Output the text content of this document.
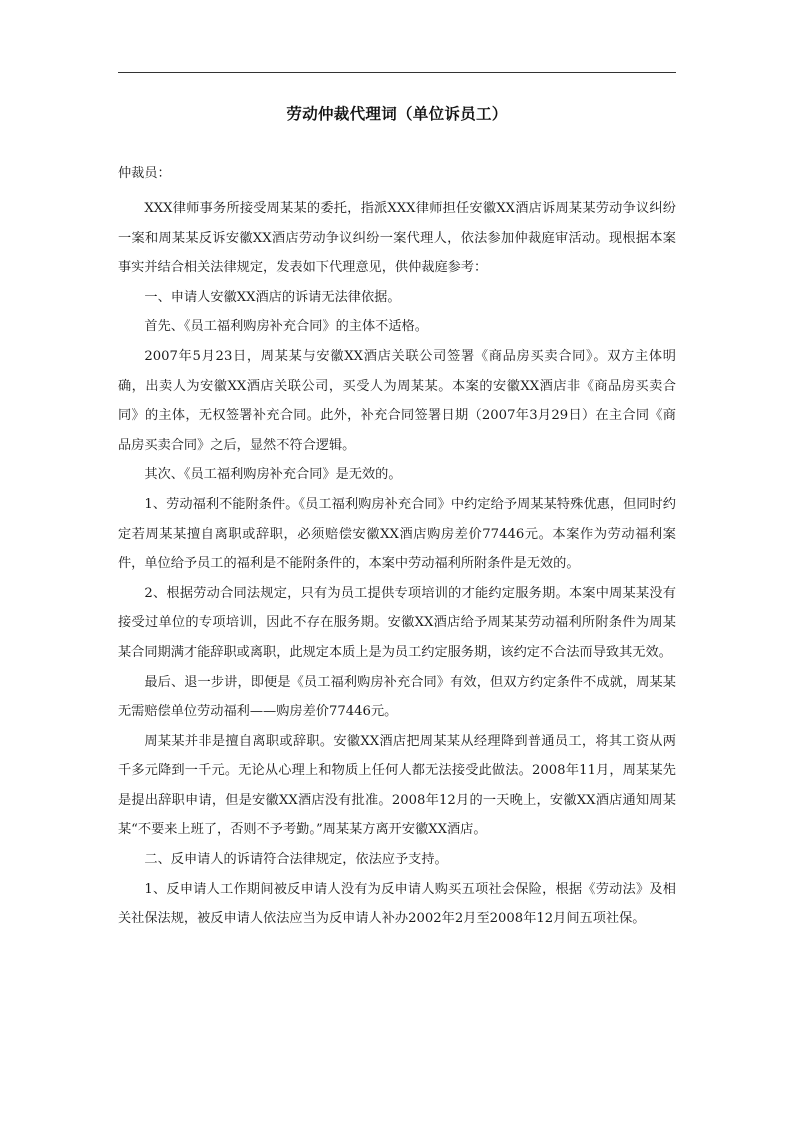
劳动仲裁代理词（单位诉员工）
仲裁员：

XXX律师事务所接受周某某的委托，指派XXX律师担任安徽XX酒店诉周某某劳动争议纠纷一案和周某某反诉安徽XX酒店劳动争议纠纷一案代理人，依法参加仲裁庭审活动。现根据本案事实并结合相关法律规定，发表如下代理意见，供仲裁庭参考：

一、申请人安徽XX酒店的诉请无法律依据。

首先、《员工福利购房补充合同》的主体不适格。

2007年5月23日，周某某与安徽XX酒店关联公司签署《商品房买卖合同》。双方主体明确，出卖人为安徽XX酒店关联公司，买受人为周某某。本案的安徽XX酒店非《商品房买卖合同》的主体，无权签署补充合同。此外，补充合同签署日期（2007年3月29日）在主合同《商品房买卖合同》之后，显然不符合逻辑。

其次、《员工福利购房补充合同》是无效的。

1、劳动福利不能附条件。《员工福利购房补充合同》中约定给予周某某特殊优惠，但同时约定若周某某擅自离职或辞职，必须赔偿安徽XX酒店购房差价77446元。本案作为劳动福利案件，单位给予员工的福利是不能附条件的，本案中劳动福利所附条件是无效的。

2、根据劳动合同法规定，只有为员工提供专项培训的才能约定服务期。本案中周某某没有接受过单位的专项培训，因此不存在服务期。安徽XX酒店给予周某某劳动福利所附条件为周某某合同期满才能辞职或离职，此规定本质上是为员工约定服务期，该约定不合法而导致其无效。

最后、退一步讲，即便是《员工福利购房补充合同》有效，但双方约定条件不成就，周某某无需赔偿单位劳动福利——购房差价77446元。

周某某并非是擅自离职或辞职。安徽XX酒店把周某某从经理降到普通员工，将其工资从两千多元降到一千元。无论从心理上和物质上任何人都无法接受此做法。2008年11月，周某某先是提出辞职申请，但是安徽XX酒店没有批准。2008年12月的一天晚上，安徽XX酒店通知周某某“不要来上班了，否则不予考勤。”周某某方离开安徽XX酒店。

二、反申请人的诉请符合法律规定，依法应予支持。

1、反申请人工作期间被反申请人没有为反申请人购买五项社会保险，根据《劳动法》及相关社保法规，被反申请人依法应当为反申请人补办2002年2月至2008年12月间五项社保。
